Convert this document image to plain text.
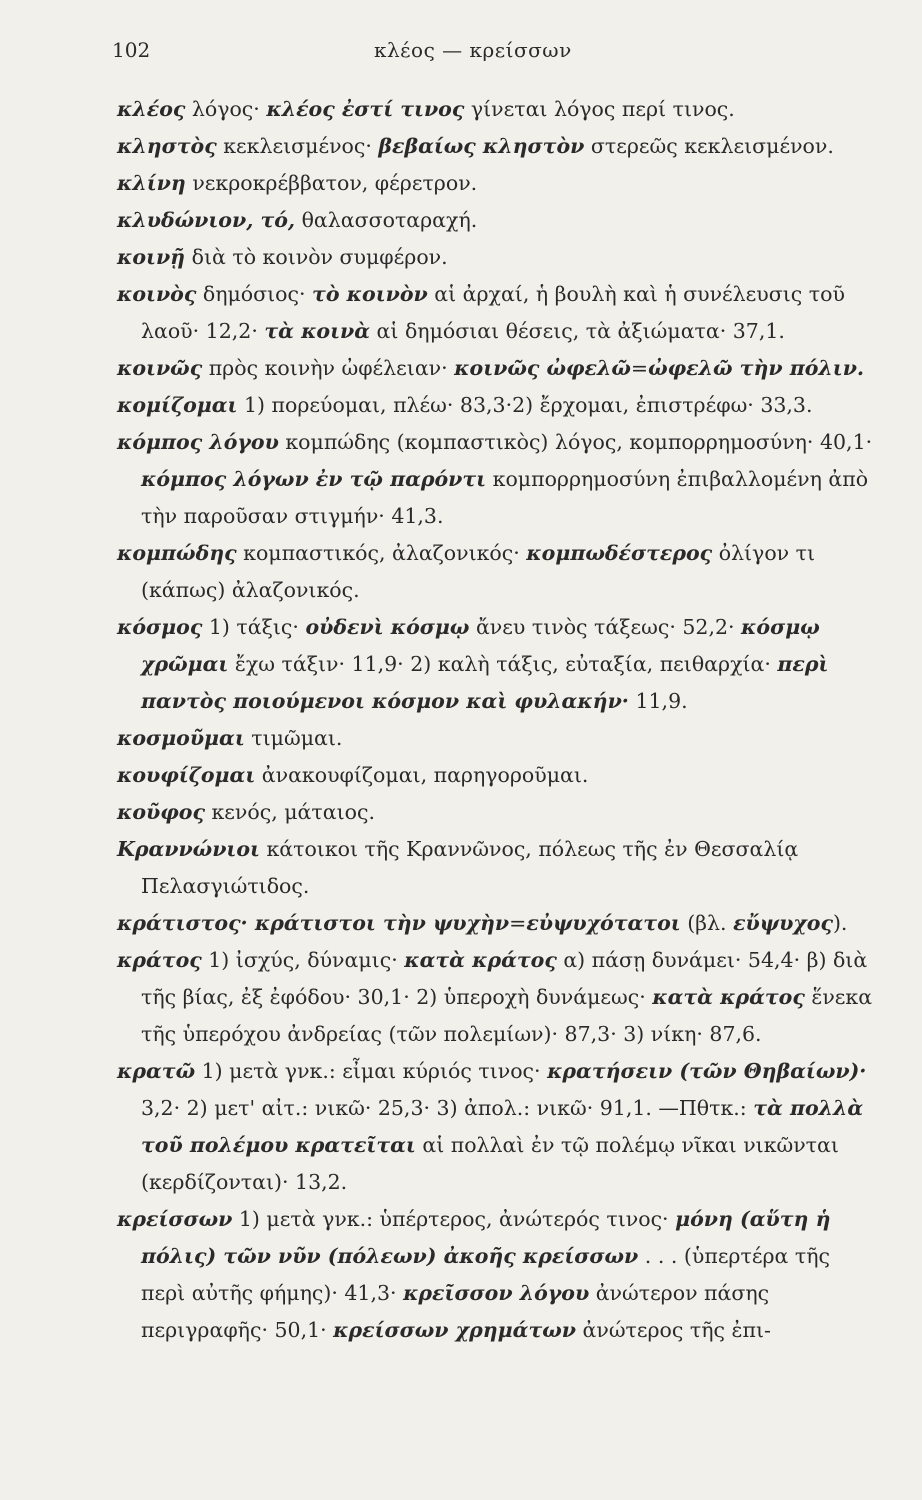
102	κλέος — κρείσσων

κλέος λόγος· κλέος ἐστί τινος γίνεται λόγος περί τινος.

κληστὸς κεκλεισμένος· βεβαίως κληστὸν στερεῶς κεκλεισμένον.

κλίνη νεκροκρέββατον, φέρετρον.

κλυδώνιον, τό, θαλασσοταραχή.

κοινῇ διὰ τὸ κοινὸν συμφέρον.

κοινὸς δημόσιος· τὸ κοινὸν αἱ ἀρχαί, ἡ βουλὴ καὶ ἡ συνέλευσις τοῦ λαοῦ· 12,2· τὰ κοινὰ αἱ δημόσιαι θέσεις, τὰ ἀξιώματα· 37,1.

κοινῶς πρὸς κοινὴν ὠφέλειαν· κοινῶς ὠφελῶ=ὠφελῶ τὴν πόλιν.

κομίζομαι 1) πορεύομαι, πλέω· 83,3·2) ἔρχομαι, ἐπιστρέφω· 33,3.

κόμπος λόγου κομπώδης (κομπαστικὸς) λόγος, κομπορρημοσύνη· 40,1· κόμπος λόγων ἐν τῷ παρόντι κομπορρημοσύνη ἐπιβαλλομένη ἀπὸ τὴν παροῦσαν στιγμήν· 41,3.

κομπώδης κομπαστικός, ἀλαζονικός· κομπωδέστερος ὀλίγον τι (κάπως) ἀλαζονικός.

κόσμος 1) τάξις· οὐδενὶ κόσμῳ ἄνευ τινὸς τάξεως· 52,2· κόσμῳ χρῶμαι ἔχω τάξιν· 11,9· 2) καλὴ τάξις, εὐταξία, πειθαρχία· περὶ παντὸς ποιούμενοι κόσμον καὶ φυλακήν· 11,9.

κοσμοῦμαι τιμῶμαι.

κουφίζομαι ἀνακουφίζομαι, παρηγοροῦμαι.

κοῦφος κενός, μάταιος.

Κραννώνιοι κάτοικοι τῆς Κραννῶνος, πόλεως τῆς ἐν Θεσσαλίᾳ Πελασγιώτιδος.

κράτιστος· κράτιστοι τὴν ψυχὴν=εὐψυχότατοι (βλ. εὔψυχος).

κράτος 1) ἰσχύς, δύναμις· κατὰ κράτος α) πάσῃ δυνάμει· 54,4· β) διὰ τῆς βίας, ἐξ ἐφόδου· 30,1· 2) ὑπεροχὴ δυνάμεως· κατὰ κράτος ἕνεκα τῆς ὑπερόχου ἀνδρείας (τῶν πολεμίων)· 87,3· 3) νίκη· 87,6.

κρατῶ 1) μετὰ γνκ.: εἶμαι κύριός τινος· κρατήσειν (τῶν Θηβαίων)· 3,2· 2) μετ' αἰτ.: νικῶ· 25,3· 3) ἀπολ.: νικῶ· 91,1. —Πθτκ.: τὰ πολλὰ τοῦ πολέμου κρατεῖται αἱ πολλαὶ ἐν τῷ πολέμῳ νῖκαι νικῶνται (κερδίζονται)· 13,2.

κρείσσων 1) μετὰ γνκ.: ὑπέρτερος, ἀνώτερός τινος· μόνη (αὕτη ἡ πόλις) τῶν νῦν (πόλεων) ἀκοῆς κρείσσων . . . (ὑπερτέρα τῆς περὶ αὐτῆς φήμης)· 41,3· κρεῖσσον λόγου ἀνώτερον πάσης περιγραφῆς· 50,1· κρείσσων χρημάτων ἀνώτερος τῆς ἐπι-
